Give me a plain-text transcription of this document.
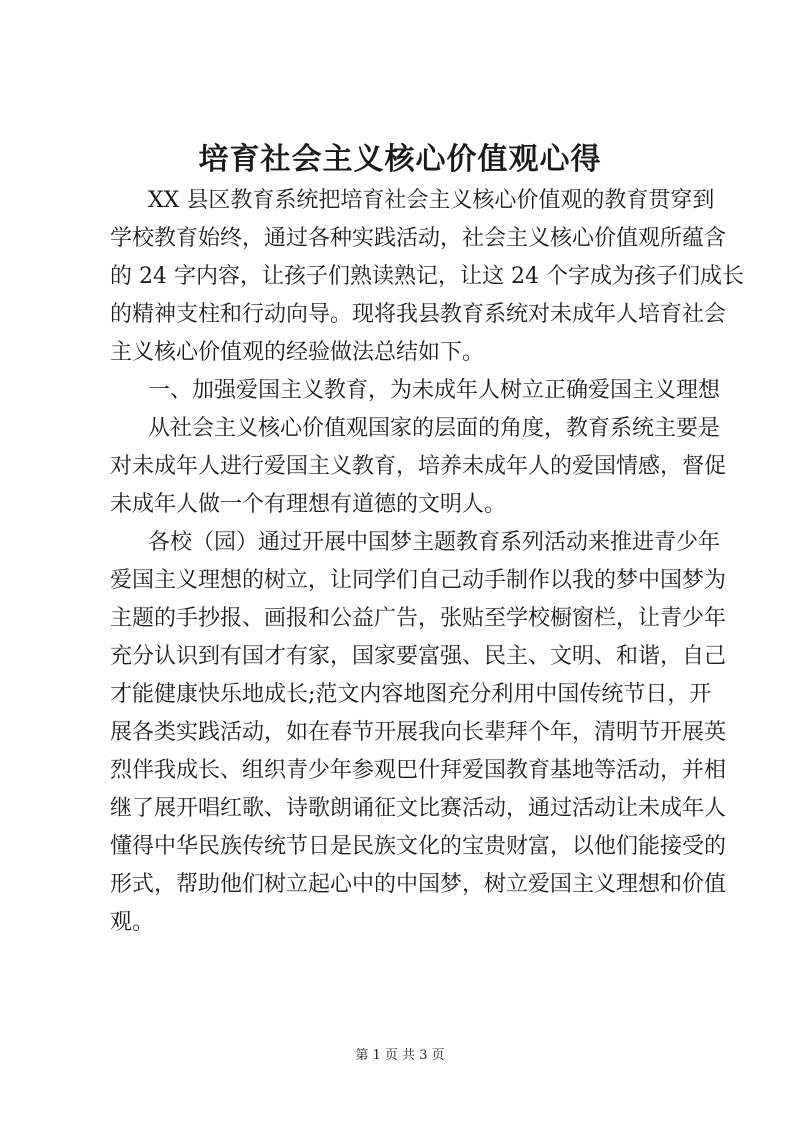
培育社会主义核心价值观心得
XX 县区教育系统把培育社会主义核心价值观的教育贯穿到
学校教育始终，通过各种实践活动，社会主义核心价值观所蕴含
的 24 字内容，让孩子们熟读熟记，让这 24 个字成为孩子们成长
的精神支柱和行动向导。现将我县教育系统对未成年人培育社会
主义核心价值观的经验做法总结如下。
一、加强爱国主义教育，为未成年人树立正确爱国主义理想
从社会主义核心价值观国家的层面的角度，教育系统主要是
对未成年人进行爱国主义教育，培养未成年人的爱国情感，督促
未成年人做一个有理想有道德的文明人。
各校（园）通过开展中国梦主题教育系列活动来推进青少年
爱国主义理想的树立，让同学们自己动手制作以我的梦中国梦为
主题的手抄报、画报和公益广告，张贴至学校橱窗栏，让青少年
充分认识到有国才有家，国家要富强、民主、文明、和谐，自己
才能健康快乐地成长;范文内容地图充分利用中国传统节日，开
展各类实践活动，如在春节开展我向长辈拜个年，清明节开展英
烈伴我成长、组织青少年参观巴什拜爱国教育基地等活动，并相
继了展开唱红歌、诗歌朗诵征文比赛活动，通过活动让未成年人
懂得中华民族传统节日是民族文化的宝贵财富，以他们能接受的
形式，帮助他们树立起心中的中国梦，树立爱国主义理想和价值
观。
第 1 页 共 3 页
